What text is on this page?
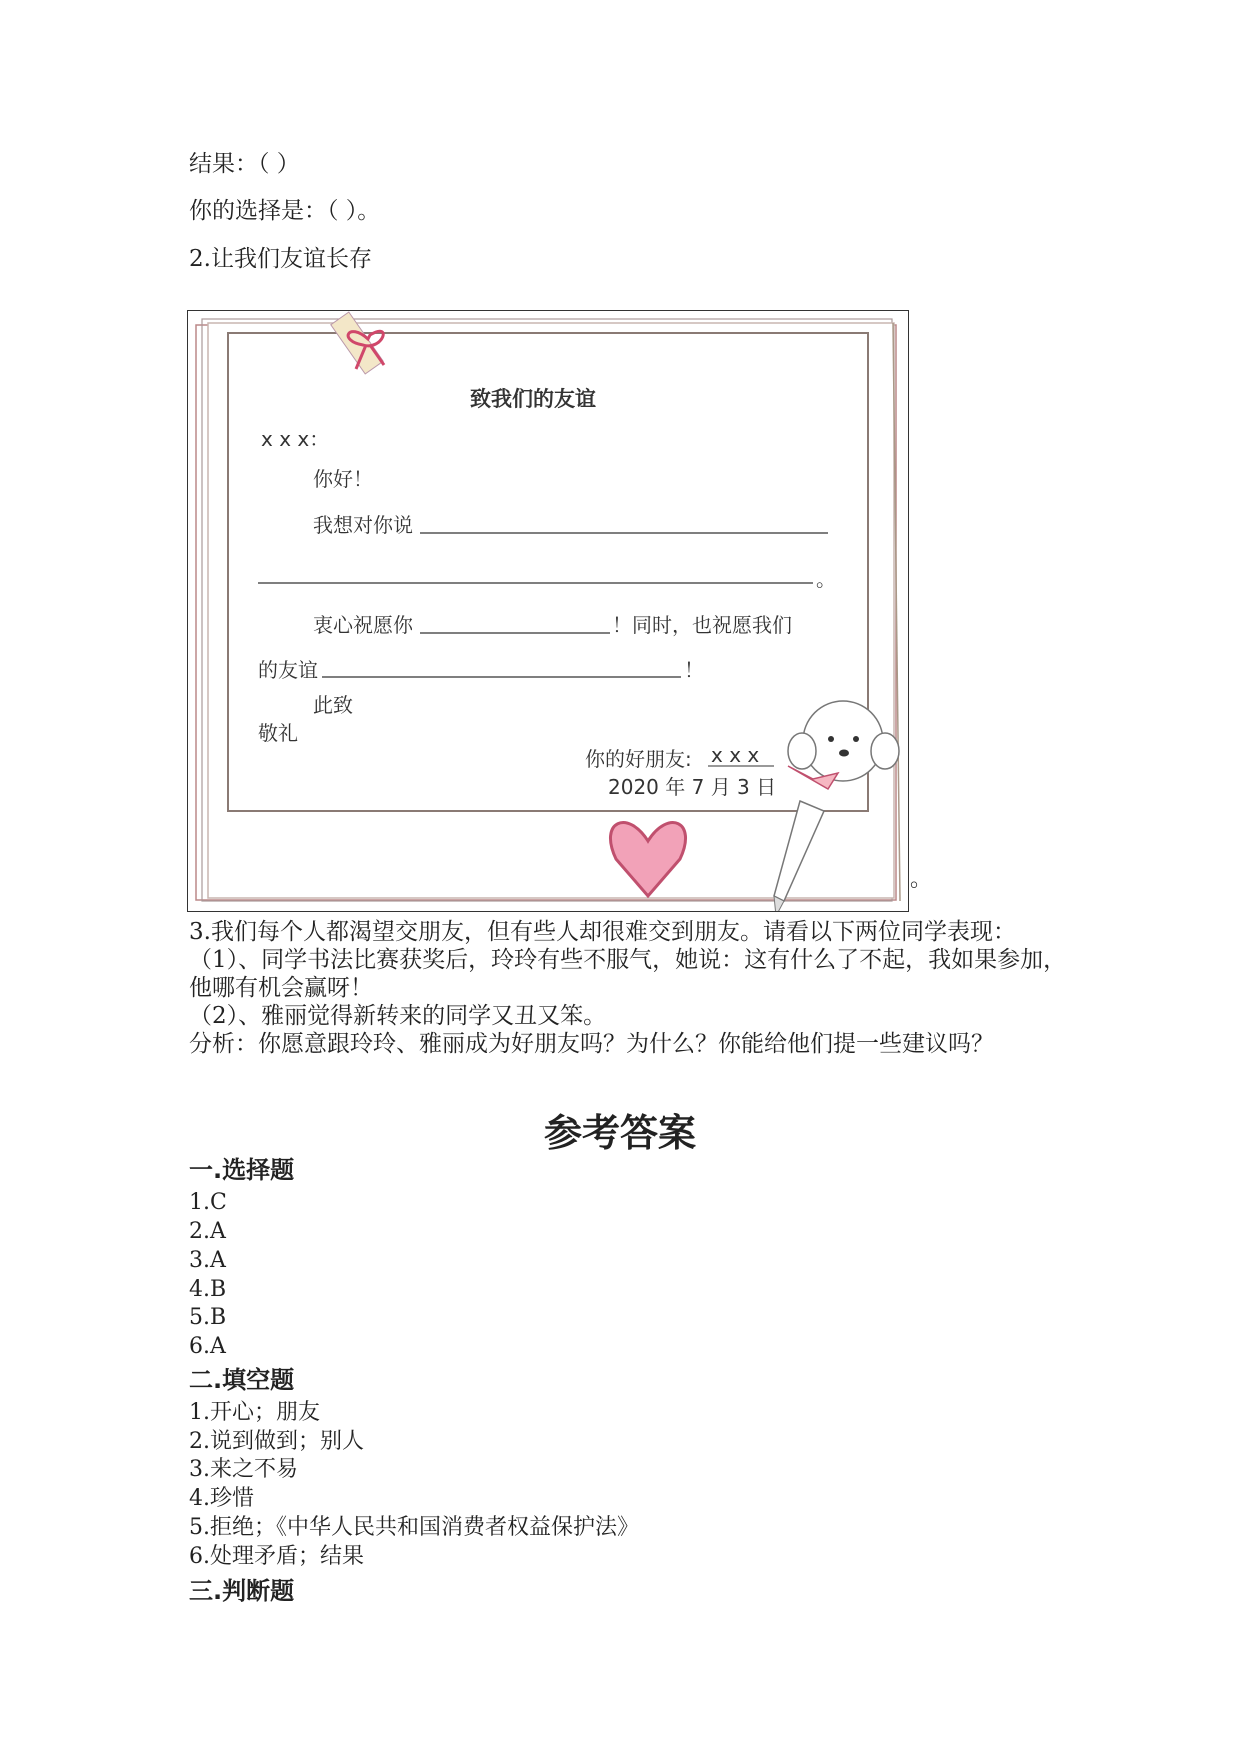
结果：（ ）
你的选择是：（ ）。
2.让我们友谊长存
致我们的友谊
x x x：
你好！
我想对你说
。
衷心祝愿你	！同时，也祝愿我们
的友谊	！
此致
敬礼
你的好朋友: x x x
2020 年 7 月 3 日
。

3.我们每个人都渴望交朋友，但有些人却很难交到朋友。请看以下两位同学表现：

（1）、同学书法比赛获奖后，玲玲有些不服气，她说：这有什么了不起，我如果参加，他哪有机会赢呀！

（2）、雅丽觉得新转来的同学又丑又笨。

分析：你愿意跟玲玲、雅丽成为好朋友吗？为什么？你能给他们提一些建议吗？

参考答案
一.选择题
1.C
2.A
3.A
4.B
5.B
6.A
二.填空题
1.开心；朋友
2.说到做到；别人
3.来之不易
4.珍惜
5.拒绝；《中华人民共和国消费者权益保护法》
6.处理矛盾；结果
三.判断题
